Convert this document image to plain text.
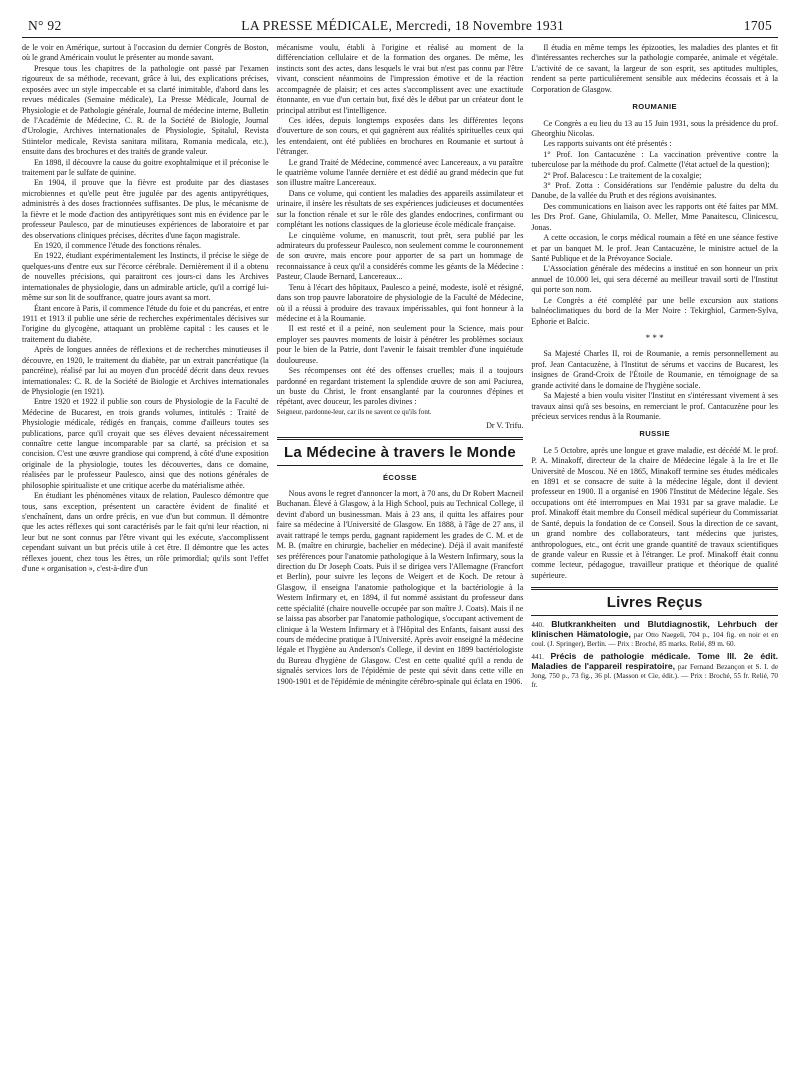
N° 92	LA PRESSE MÉDICALE, Mercredi, 18 Novembre 1931	1705

de le voir en Amérique, surtout à l'occasion du dernier Congrès de Boston, où le grand Américain voulut le présenter au monde savant.

Presque tous les chapitres de la pathologie ont passé par l'examen rigoureux de sa méthode, recevant, grâce à lui, des explications précises, exposées avec un style impeccable et sa clarté inimitable, d'abord dans les revues médicales (Semaine médicale), La Presse Médicale, Journal de Physiologie et de Pathologie générale, Journal de médecine interne, Bulletin de l'Académie de Médecine, C. R. de la Société de Biologie, Journal d'Urologie, Archives internationales de Physiologie, Spitalul, Revista Stiintelor medicale, Revista sanitara militara, Romania medicala, etc.), ensuite dans des brochures et des traités de grande valeur.

En 1898, il découvre la cause du goitre exophtalmique et il préconise le traitement par le sulfate de quinine.

En 1904, il prouve que la fièvre est produite par des diastases microbiennes et qu'elle peut être jugulée par des agents antipyrétiques, administrés à des doses fractionnées suffisantes. De plus, le mécanisme de la fièvre et le mode d'action des antipyrétiques sont mis en évidence par le professeur Paulesco, par de minutieuses expériences de laboratoire et par des observations cliniques précises, décrites d'une façon magistrale.

En 1920, il commence l'étude des fonctions rénales.

En 1922, étudiant expérimentalement les Instincts, il précise le siège de quelques-uns d'entre eux sur l'écorce cérébrale. Dernièrement il il a obtenu de nouvelles précisions, qui paraitront ces jours-ci dans les Archives internationales de physiologie, dans un admirable article, qu'il a corrigé lui-même sur son lit de souffrance, quatre jours avant sa mort.

Étant encore à Paris, il commence l'étude du foie et du pancréas, et entre 1911 et 1913 il publie une série de recherches expérimentales décisives sur l'origine du glycogène, attaquant un problème capital : les causes et le traitement du diabète.

Après de longues années de réflexions et de recherches minutieuses il découvre, en 1920, le traitement du diabète, par un extrait pancréatique (la pancréine), réalisé par lui au moyen d'un procédé décrit dans deux revues internationales: C. R. de la Société de Biologie et Archives internationales de Physiologie (en 1921).

Entre 1920 et 1922 il publie son cours de Physiologie de la Faculté de Médecine de Bucarest, en trois grands volumes, intitulés : Traité de Physiologie médicale, rédigés en français, comme d'ailleurs toutes ses publications, parce qu'il croyait que ses élèves devaient nécessairement connaître cette langue incomparable par sa clarté, sa précision et sa concision. C'est une œuvre grandiose qui comprend, à côté d'une exposition originale de la physiologie, toutes les découvertes, dans ce domaine, réalisées par le professeur Paulesco, ainsi que des notions générales de philosophie spiritualiste et une critique acerbe du matérialisme athée.

En étudiant les phénomènes vitaux de relation, Paulesco démontre que tous, sans exception, présentent un caractère évident de finalité et s'enchaînent, dans un ordre précis, en vue d'un but commun. Il démontre que les actes réflexes qui sont caractérisés par le fait qu'ni leur réaction, ni leur but ne sont connus par l'être vivant qui les exécute, s'accomplissent cependant suivant un but précis utile à cet être. Il démontre que les actes réflexes jouent, chez tous les êtres, un rôle primordial; qu'ils sont l'effet d'une « organisation », c'est-à-dire d'un

mécanisme voulu, établi à l'origine et réalisé au moment de la différenciation cellulaire et de la formation des organes. De même, les instincts sont des actes, dans lesquels le vrai but n'est pas connu par l'être vivant, conscient néanmoins de l'impression émotive et de la réaction accompagnée de plaisir; et ces actes s'accomplissent avec une exactitude étonnante, en vue d'un certain but, fixé dès le début par un créateur dont le principal attribut est l'intelligence.

Ces idées, depuis longtemps exposées dans les différentes leçons d'ouverture de son cours, et qui gagnèrent aux réalités spirituelles ceux qui les entendaient, ont été publiées en brochures en Roumanie et surtout à l'étranger.

Le grand Traité de Médecine, commencé avec Lancereaux, a vu paraître le quatrième volume l'année dernière et est dédié au grand médecin que fut son illustre maître Lancereaux.

Dans ce volume, qui contient les maladies des appareils assimilateur et urinaire, il insère les résultats de ses expériences judicieuses et documentées sur la fonction rénale et sur le rôle des glandes endocrines, confirmant ou complétant les notions classiques de la glorieuse école médicale française.

Le cinquième volume, en manuscrit, tout prêt, sera publié par les admirateurs du professeur Paulesco, non seulement comme le couronnement de son œuvre, mais encore pour apporter de sa part un hommage de reconnaissance à ceux qu'il a considérés comme les géants de la Médecine : Pasteur, Claude Bernard, Lancereaux...

Tenu à l'écart des hôpitaux, Paulesco a peiné, modeste, isolé et résigné, dans son trop pauvre laboratoire de physiologie de la Faculté de Médecine, où il a réussi à produire des travaux impérissables, qui font honneur à la médecine et à la Roumanie.

Il est resté et il a peiné, non seulement pour la Science, mais pour employer ses pauvres moments de loisir à pénétrer les problèmes sociaux pour le bien de la Patrie, dont l'avenir le faisait trembler d'une inquiétude douloureuse.

Ses récompenses ont été des offenses cruelles; mais il a toujours pardonné en regardant tristement la splendide œuvre de son ami Paciurea, un buste du Christ, le front ensanglanté par la couronnes d'épines et répétant, avec douceur, les paroles divines :

Seigneur, pardonne-leur, car ils ne savent ce qu'ils font.

Dr V. Trifu.

La Médecine à travers le Monde
ÉCOSSE

Nous avons le regret d'annoncer la mort, à 70 ans, du Dr Robert Macneil Buchanan. Élevé à Glasgow, à la High School, puis au Technical College, il devint d'abord un businessman. Mais à 23 ans, il quitta les affaires pour faire sa médecine à l'Université de Glasgow. En 1888, à l'âge de 27 ans, il avait rattrapé le temps perdu, gagnant rapidement les grades de C. M. et de M. B. (maître en chirurgie, bachelier en médecine). Déjà il avait manifesté ses préférences pour l'anatomie pathologique à la Western Infirmary, sous la direction du Dr Joseph Coats. Puis il se dirigea vers l'Allemagne (Francfort et Berlin), pour suivre les leçons de Weigert et de Koch. De retour à Glasgow, il enseigna l'anatomie pathologique et la bactériologie à la Western Infirmary et, en 1894, il fut nommé assistant du professeur dans cette spécialité (chaire nouvelle occupée par son maître J. Coats). Mais il ne se laissa pas absorber par l'anatomie pathologique, s'occupant activement de clinique à la Western Infirmary et à l'Hôpital des Enfants, faisant aussi des cours de médecine pratique à l'Université. Après avoir enseigné la médecine légale et l'hygiène au Anderson's College, il devint en 1899 bactériologiste du Bureau d'hygiène de Glasgow. C'est en cette qualité qu'il a rendu de signalés services lors de l'épidémie de peste qui sévit dans cette ville en 1900-1901 et de l'épidémie de méningite cérébro-spinale qui éclata en 1906.

Il étudia en même temps les épizooties, les maladies des plantes et fit d'intéressantes recherches sur la pathologie comparée, animale et végétale. L'activité de ce savant, la largeur de son esprit, ses aptitudes multiples, rendent sa perte particulièrement sensible aux médecins écossais et à la Corporation de Glasgow.

ROUMANIE

Ce Congrès a eu lieu du 13 au 15 Juin 1931, sous la présidence du prof. Gheorghiu Nicolas.

Les rapports suivants ont été présentés :

1° Prof. Ion Cantacuzène : La vaccination préventive contre la tuberculose par la méthode du prof. Calmette (l'état actuel de la question);

2° Prof. Balacescu : Le traitement de la coxalgie;

3° Prof. Zotta : Considérations sur l'endémie palustre du delta du Danube, de la vallée du Pruth et des régions avoisinantes.

Des communications en liaison avec les rapports ont été faites par MM. les Drs Prof. Gane, Ghiulamila, O. Meller, Mme Panaitescu, Clinicescu, Jonas.

A cette occasion, le corps médical roumain a fêté en une séance festive et par un banquet M. le prof. Jean Cantacuzène, le ministre actuel de la Santé Publique et de la Prévoyance Sociale.

L'Association générale des médecins a institué en son honneur un prix annuel de 10.000 lei, qui sera décerné au meilleur travail sorti de l'Institut qui porte son nom.

Le Congrès a été complété par une belle excursion aux stations balnéoclimatiques du bord de la Mer Noire : Tekirghiol, Carmen-Sylva, Ephorie et Balcic.

* * *

Sa Majesté Charles II, roi de Roumanie, a remis personnellement au prof. Jean Cantacuzène, à l'Institut de sérums et vaccins de Bucarest, les insignes de Grand-Croix de l'Étoile de Roumanie, en témoignage de sa grande activité dans le domaine de l'hygiène sociale.

Sa Majesté a bien voulu visiter l'Institut en s'intéressant vivement à ses travaux ainsi qu'à ses besoins, en remerciant le prof. Cantacuzène pour les précieux services rendus à la Roumanie.

RUSSIE

Le 5 Octobre, après une longue et grave maladie, est décédé M. le prof. P. A. Minakoff, directeur de la chaire de Médecine légale à la Ire et IIe Université de Moscou. Né en 1865, Minakoff termine ses études médicales en 1891 et se consacre de suite à la médecine légale, dont il devient professeur en 1900. Il a organisé en 1906 l'Institut de Médecine légale. Ses occupations ont été interrompues en Mai 1931 par sa grave maladie. Le prof. Minakoff était membre du Conseil médical supérieur du Commissariat de Santé, depuis la fondation de ce Conseil. Sous la direction de ce savant, un grand nombre des collaborateurs, tant médecins que juristes, anthropologues, etc., ont écrit une grande quantité de travaux scientifiques de grande valeur en Russie et à l'étranger. Le prof. Minakoff était connu comme lecteur, pédagogue, travailleur pratique et théorique de qualité supérieure.

Livres Reçus

440. Blutkrankheiten und Blutdiagnostik, Lehrbuch der klinischen Hämatologie, par Otto Naegeli, 704 p., 104 fig. en noir et en coul. (J. Springer), Berlin. — Prix : Broché, 85 marks. Relié, 89 m. 60.

441. Précis de pathologie médicale. Tome III. 2e édit. Maladies de l'appareil respiratoire, par Fernand Bezançon et S. I. de Jong, 750 p., 73 fig., 36 pl. (Masson et Cie, édit.). — Prix : Broché, 55 fr. Relié, 70 fr.
